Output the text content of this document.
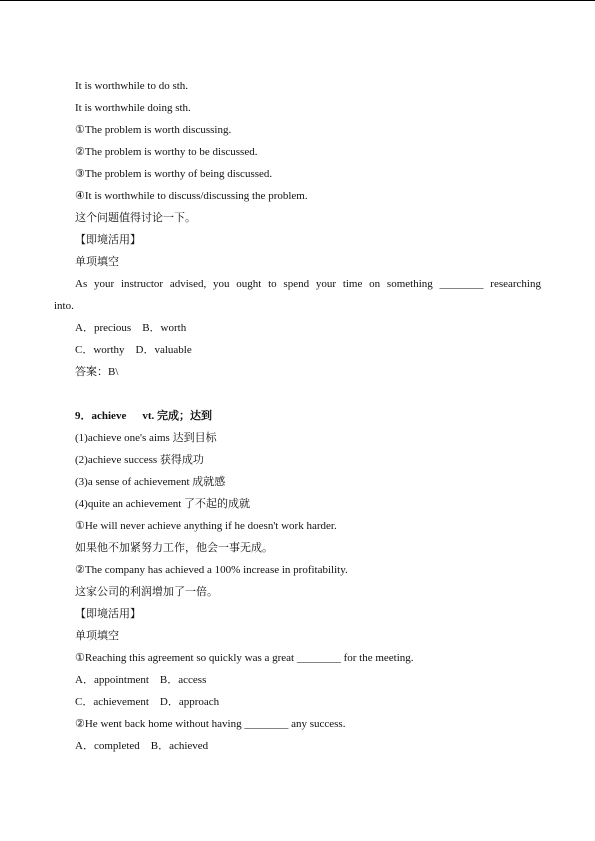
It is worthwhile to do sth.
It is worthwhile doing sth.
①The problem is worth discussing.
②The problem is worthy to be discussed.
③The problem is worthy of being discussed.
④It is worthwhile to discuss/discussing the problem.
这个问题值得讨论一下。
【即境活用】
单项填空
As your instructor advised, you ought to spend your time on something ________ researching
into.
A．precious　B．worth
C．worthy　D．valuable
答案：B\
9．achieve vt. 完成；达到
(1)achieve one's aims 达到目标
(2)achieve success 获得成功
(3)a sense of achievement 成就感
(4)quite an achievement 了不起的成就
①He will never achieve anything if he doesn't work harder.
如果他不加紧努力工作，他会一事无成。
②The company has achieved a 100% increase in profitability.
这家公司的利润增加了一倍。
【即境活用】
单项填空
①Reaching this agreement so quickly was a great ________ for the meeting.
A．appointment　B．access
C．achievement　D．approach
②He went back home without having ________ any success.
A．completed　B．achieved
